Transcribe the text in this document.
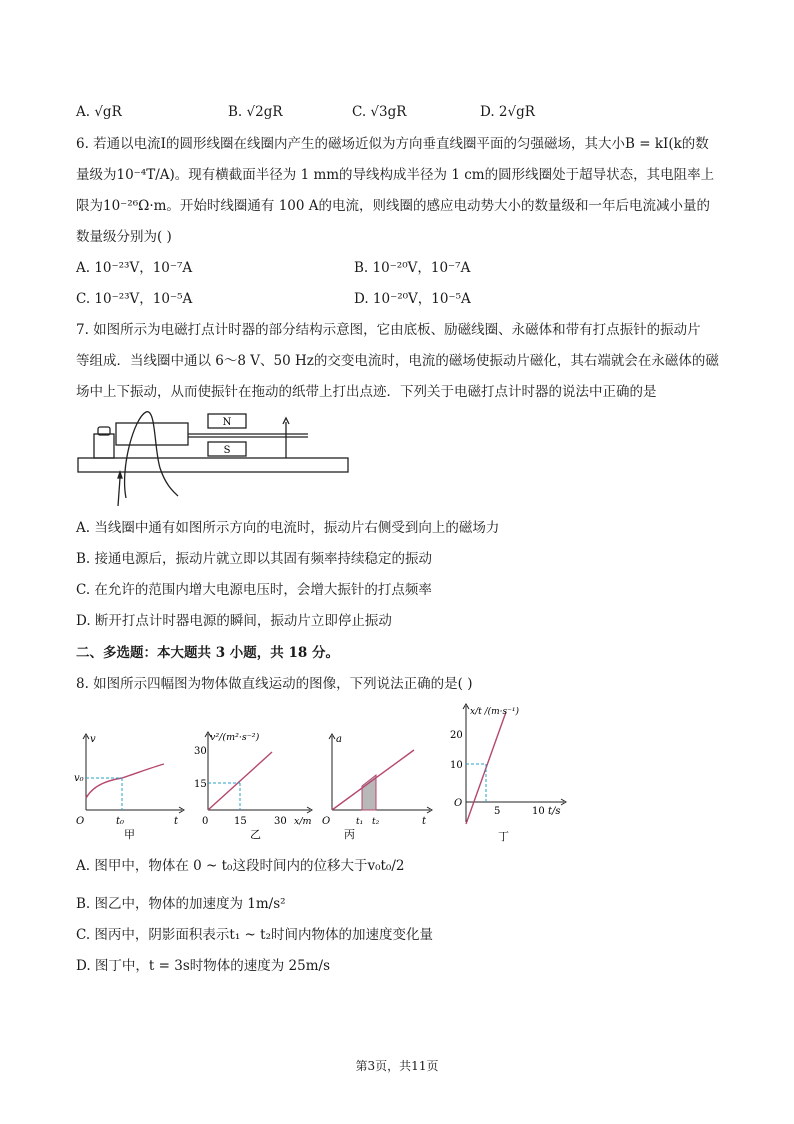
A. √gR	B. √2gR	C. √3gR	D. 2√gR
6. 若通以电流I的圆形线圈在线圈内产生的磁场近似为方向垂直线圈平面的匀强磁场，其大小B = kI(k的数
量级为10⁻⁴T/A)。现有横截面半径为 1 mm的导线构成半径为 1 cm的圆形线圈处于超导状态，其电阻率上
限为10⁻²⁶Ω·m。开始时线圈通有 100 A的电流，则线圈的感应电动势大小的数量级和一年后电流减小量的
数量级分别为( )
A. 10⁻²³V，10⁻⁷A	B. 10⁻²⁰V，10⁻⁷A
C. 10⁻²³V，10⁻⁵A	D. 10⁻²⁰V，10⁻⁵A
7. 如图所示为电磁打点计时器的部分结构示意图，它由底板、励磁线圈、永磁体和带有打点振针的振动片
等组成．当线圈中通以 6～8 V、50 Hz的交变电流时，电流的磁场使振动片磁化，其右端就会在永磁体的磁
场中上下振动，从而使振针在拖动的纸带上打出点迹．下列关于电磁打点计时器的说法中正确的是
N
S
A. 当线圈中通有如图所示方向的电流时，振动片右侧受到向上的磁场力
B. 接通电源后，振动片就立即以其固有频率持续稳定的振动
C. 在允许的范围内增大电源电压时，会增大振针的打点频率
D. 断开打点计时器电源的瞬间，振动片立即停止振动
二、多选题：本大题共 3 小题，共 18 分。
8. 如图所示四幅图为物体做直线运动的图像，下列说法正确的是( )
v
v₀
t₀
O	t
甲
v²/(m²·s⁻²)
30
15
0	15	30 x/m
乙
a
O	t₁ t₂	t
丙
x/t /(m·s⁻¹)
20
10
O
5	10 t/s
丁
A. 图甲中，物体在 0 ~ t₀这段时间内的位移大于v₀t₀/2
B. 图乙中，物体的加速度为 1m/s²
C. 图丙中，阴影面积表示t₁ ~ t₂时间内物体的加速度变化量
D. 图丁中，t = 3s时物体的速度为 25m/s
第3页，共11页
